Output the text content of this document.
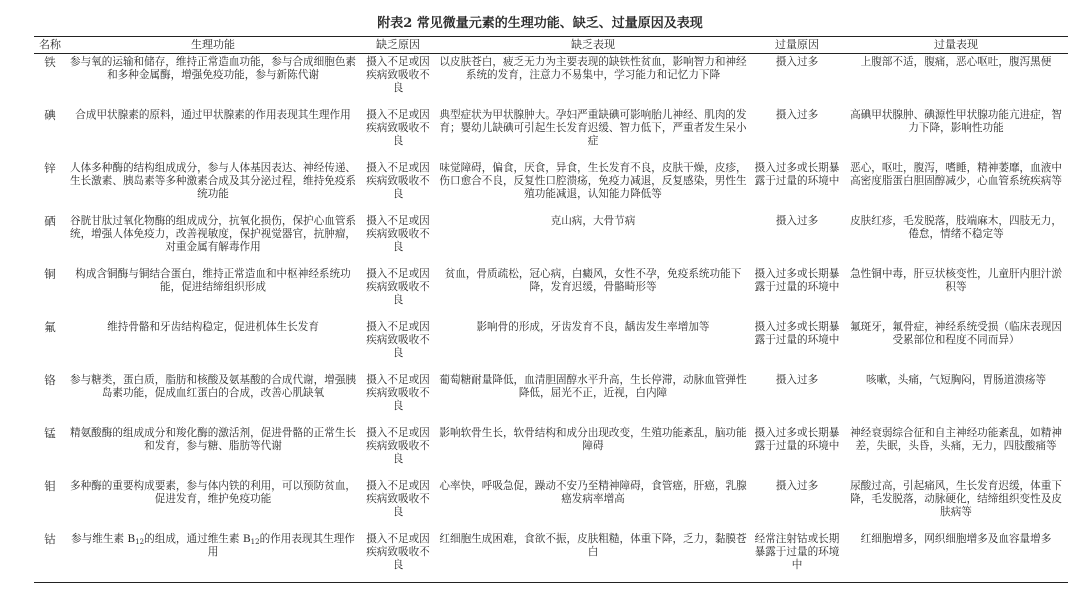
附表2 常见微量元素的生理功能、缺乏、过量原因及表现
名称	生理功能	缺乏原因	缺乏表现	过量原因	过量表现
铁	参与氧的运输和储存，维持正常造血功能，参与合成细胞色素和多种金属酶，增强免疫功能，参与新陈代谢	摄入不足或因疾病致吸收不良	以皮肤苍白，疲乏无力为主要表现的缺铁性贫血，影响智力和神经系统的发育，注意力不易集中，学习能力和记忆力下降	摄入过多	上腹部不适，腹痛，恶心呕吐，腹泻黑便
碘	合成甲状腺素的原料，通过甲状腺素的作用表现其生理作用	摄入不足或因疾病致吸收不良	典型症状为甲状腺肿大。孕妇严重缺碘可影响胎儿神经、肌肉的发育；婴幼儿缺碘可引起生长发育迟缓、智力低下，严重者发生呆小症	摄入过多	高碘甲状腺肿、碘源性甲状腺功能亢进症，智力下降，影响性功能
锌	人体多种酶的结构组成成分，参与人体基因表达、神经传递、生长激素、胰岛素等多种激素合成及其分泌过程，维持免疫系统功能	摄入不足或因疾病致吸收不良	味觉障碍，偏食，厌食，异食，生长发育不良，皮肤干燥，皮疹，伤口愈合不良，反复性口腔溃疡，免疫力减退，反复感染，男性生殖功能减退，认知能力降低等	摄入过多或长期暴露于过量的环境中	恶心，呕吐，腹泻，嗜睡，精神萎靡，血液中高密度脂蛋白胆固醇减少，心血管系统疾病等
硒	谷胱甘肽过氧化物酶的组成成分，抗氧化损伤，保护心血管系统，增强人体免疫力，改善视敏度，保护视觉器官，抗肿瘤，对重金属有解毒作用	摄入不足或因疾病致吸收不良	克山病，大骨节病	摄入过多	皮肤红疹，毛发脱落，肢端麻木，四肢无力，倦怠，情绪不稳定等
铜	构成含铜酶与铜结合蛋白，维持正常造血和中枢神经系统功能，促进结缔组织形成	摄入不足或因疾病致吸收不良	贫血，骨质疏松，冠心病，白癜风，女性不孕，免疫系统功能下降，发育迟缓，骨骼畸形等	摄入过多或长期暴露于过量的环境中	急性铜中毒，肝豆状核变性，儿童肝内胆汁淤积等
氟	维持骨骼和牙齿结构稳定，促进机体生长发育	摄入不足或因疾病致吸收不良	影响骨的形成，牙齿发育不良，龋齿发生率增加等	摄入过多或长期暴露于过量的环境中	氟斑牙，氟骨症，神经系统受损（临床表现因受累部位和程度不同而异）
铬	参与糖类，蛋白质，脂肪和核酸及氨基酸的合成代谢，增强胰岛素功能，促成血红蛋白的合成，改善心肌缺氧	摄入不足或因疾病致吸收不良	葡萄糖耐量降低，血清胆固醇水平升高，生长停滞，动脉血管弹性降低，屈光不正，近视，白内障	摄入过多	咳嗽，头痛，气短胸闷，胃肠道溃疡等
锰	精氨酸酶的组成成分和羧化酶的激活剂，促进骨骼的正常生长和发育，参与糖、脂肪等代谢	摄入不足或因疾病致吸收不良	影响软骨生长，软骨结构和成分出现改变，生殖功能紊乱，脑功能障碍	摄入过多或长期暴露于过量的环境中	神经衰弱综合征和自主神经功能紊乱，如精神差，失眠，头昏，头痛，无力，四肢酸痛等
钼	多种酶的重要构成要素，参与体内铁的利用，可以预防贫血，促进发育，维护免疫功能	摄入不足或因疾病致吸收不良	心率快，呼吸急促，躁动不安乃至精神障碍，食管癌，肝癌，乳腺癌发病率增高	摄入过多	尿酸过高，引起痛风，生长发育迟缓，体重下降，毛发脱落，动脉硬化，结缔组织变性及皮肤病等
钴	参与维生素 $B_{12}$的组成，通过维生素 $B_{12}$的作用表现其生理作用	摄入不足或因疾病致吸收不良	红细胞生成困难，食欲不振，皮肤粗糙，体重下降，乏力，黏膜苍白	经常注射钴或长期暴露于过量的环境中	红细胞增多，网织细胞增多及血容量增多
